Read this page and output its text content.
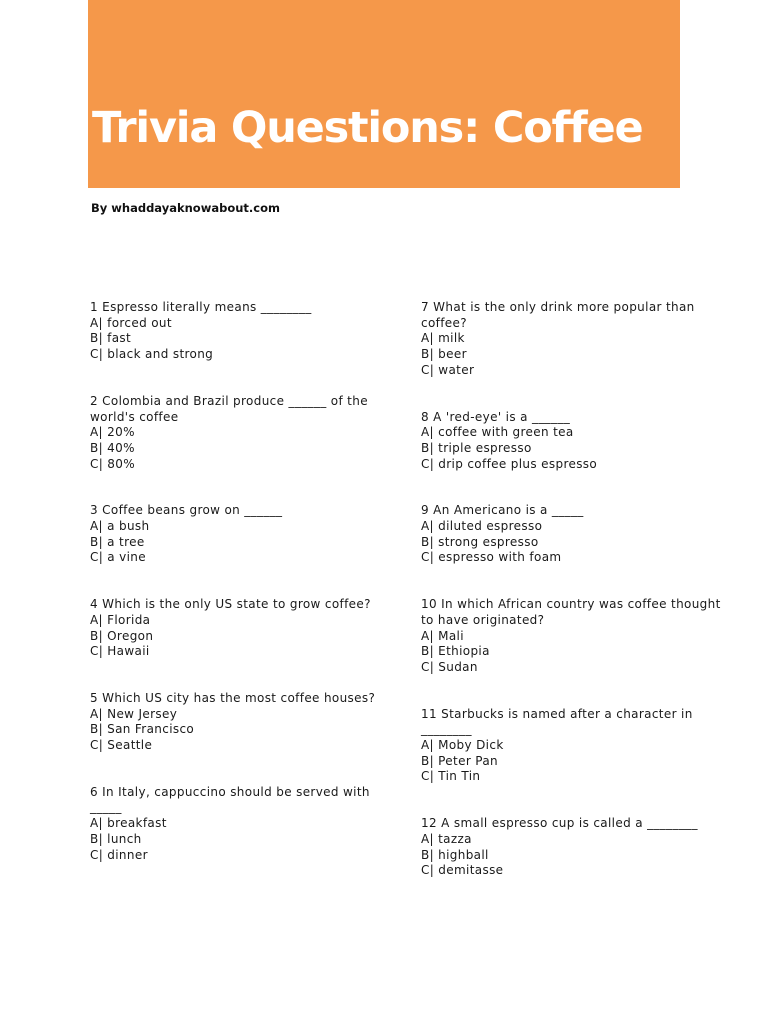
Trivia Questions: Coffee
By whaddayaknowabout.com

1 Espresso literally means ________

A| forced out

B| fast

C| black and strong

2 Colombia and Brazil produce ______ of the world's coffee

A| 20%

B| 40%

C| 80%

3 Coffee beans grow on ______

A| a bush

B| a tree

C| a vine

4 Which is the only US state to grow coffee?

A| Florida

B| Oregon

C| Hawaii

5 Which US city has the most coffee houses?

A| New Jersey

B| San Francisco

C| Seattle

6 In Italy, cappuccino should be served with _____

A| breakfast

B| lunch

C| dinner

7 What is the only drink more popular than coffee?

A| milk

B| beer

C| water

8 A 'red-eye' is a ______

A| coffee with green tea

B| triple espresso

C| drip coffee plus espresso

9 An Americano is a _____

A| diluted espresso

B| strong espresso

C| espresso with foam

10 In which African country was coffee thought to have originated?

A| Mali

B| Ethiopia

C| Sudan

11 Starbucks is named after a character in ________

A| Moby Dick

B| Peter Pan

C| Tin Tin

12 A small espresso cup is called a ________

A| tazza

B| highball

C| demitasse
